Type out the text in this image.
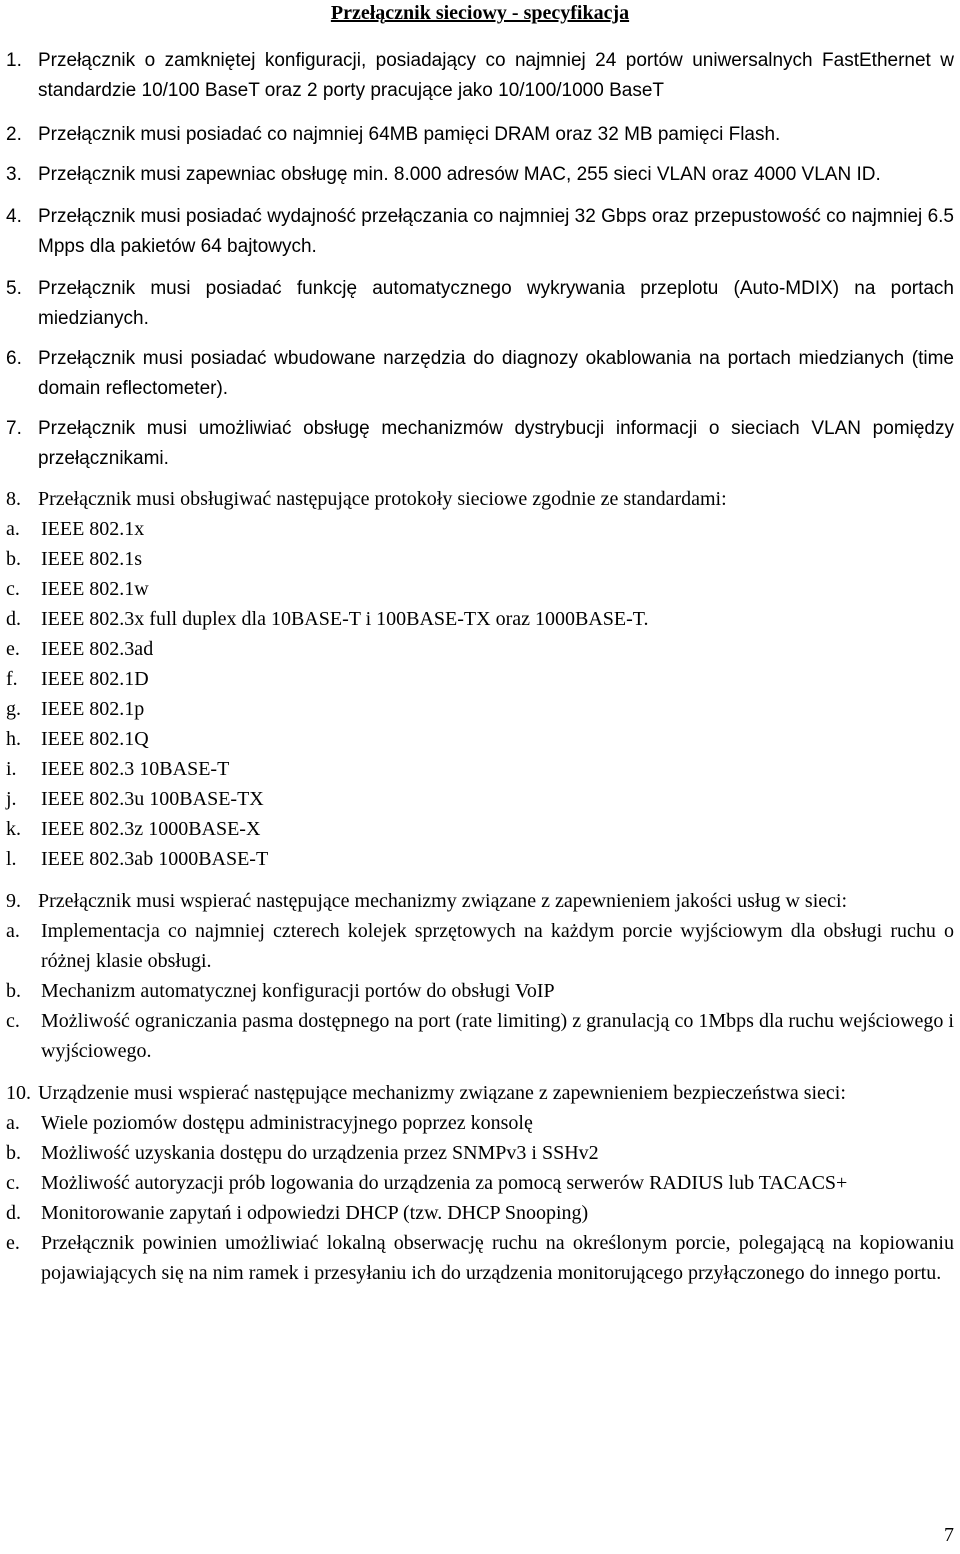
Przełącznik sieciowy - specyfikacja
1. Przełącznik o zamkniętej konfiguracji, posiadający co najmniej 24 portów uniwersalnych FastEthernet w standardzie 10/100 BaseT oraz 2 porty pracujące jako 10/100/1000 BaseT
2. Przełącznik musi posiadać co najmniej 64MB pamięci DRAM oraz 32 MB pamięci Flash.
3. Przełącznik musi zapewniac obsługę min. 8.000 adresów MAC, 255 sieci VLAN oraz 4000 VLAN ID.
4. Przełącznik musi posiadać wydajność przełączania co najmniej 32 Gbps oraz przepustowość co najmniej 6.5 Mpps dla pakietów 64 bajtowych.
5. Przełącznik musi posiadać funkcję automatycznego wykrywania przeplotu (Auto-MDIX) na portach miedzianych.
6. Przełącznik musi posiadać wbudowane narzędzia do diagnozy okablowania na portach miedzianych (time domain reflectometer).
7. Przełącznik musi umożliwiać obsługę mechanizmów dystrybucji informacji o sieciach VLAN pomiędzy przełącznikami.
8. Przełącznik musi obsługiwać następujące protokoły sieciowe zgodnie ze standardami:
a. IEEE 802.1x
b. IEEE 802.1s
c. IEEE 802.1w
d. IEEE 802.3x full duplex dla 10BASE-T i 100BASE-TX oraz 1000BASE-T.
e. IEEE 802.3ad
f. IEEE 802.1D
g. IEEE 802.1p
h. IEEE 802.1Q
i. IEEE 802.3 10BASE-T
j. IEEE 802.3u 100BASE-TX
k. IEEE 802.3z 1000BASE-X
l. IEEE 802.3ab 1000BASE-T
9. Przełącznik musi wspierać następujące mechanizmy związane z zapewnieniem jakości usług w sieci:
a. Implementacja co najmniej czterech kolejek sprzętowych na każdym porcie wyjściowym dla obsługi ruchu o różnej klasie obsługi.
b. Mechanizm automatycznej konfiguracji portów do obsługi VoIP
c. Możliwość ograniczania pasma dostępnego na port (rate limiting) z granulacją co 1Mbps dla ruchu wejściowego i wyjściowego.
10. Urządzenie musi wspierać następujące mechanizmy związane z zapewnieniem bezpieczeństwa sieci:
a. Wiele poziomów dostępu administracyjnego poprzez konsolę
b. Możliwość uzyskania dostępu do urządzenia przez SNMPv3 i SSHv2
c. Możliwość autoryzacji prób logowania do urządzenia za pomocą serwerów RADIUS lub TACACS+
d. Monitorowanie zapytań i odpowiedzi DHCP (tzw. DHCP Snooping)
e. Przełącznik powinien umożliwiać lokalną obserwację ruchu na określonym porcie, polegającą na kopiowaniu pojawiających się na nim ramek i przesyłaniu ich do urządzenia monitorującego przyłączonego do innego portu.
7
